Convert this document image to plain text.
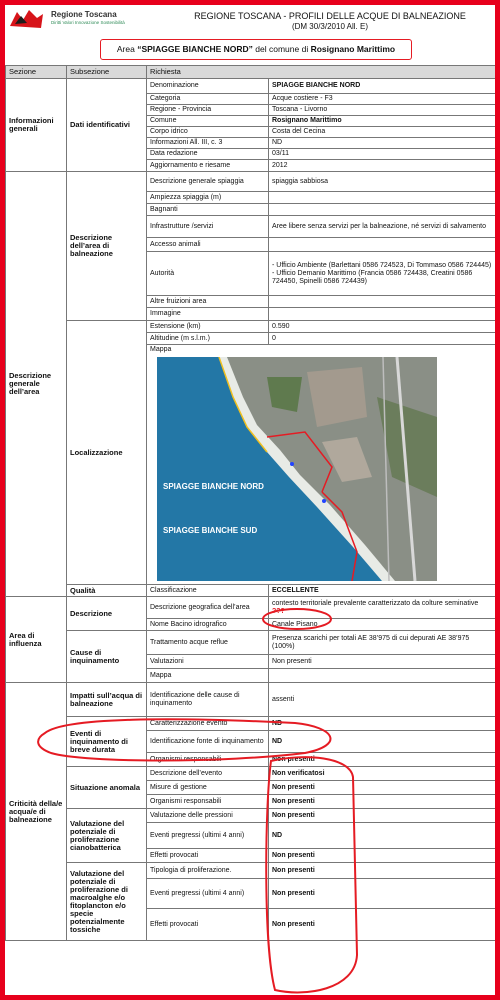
Regione Toscana
Diritti Valori Innovazione Sostenibilità
REGIONE TOSCANA - PROFILI DELLE ACQUE DI BALNEAZIONE
(DM 30/3/2010 All. E)
Area “SPIAGGE BIANCHE NORD” del comune di Rosignano Marittimo
Sezione	Subsezione	Richiesta	
Informazioni generali	Dati identificativi	Denominazione	SPIAGGE BIANCHE NORD
		Categoria	Acque costiere - F3
		Regione - Provincia	Toscana - Livorno
		Comune	Rosignano Marittimo
		Corpo idrico	Costa del Cecina
		Informazioni All. III, c. 3	ND
		Data redazione	03/11
		Aggiornamento e riesame	2012
Descrizione generale dell’area	Descrizione dell’area di balneazione	Descrizione generale spiaggia	spiaggia sabbiosa
		Ampiezza spiaggia (m)	
		Bagnanti	
		Infrastrutture /servizi	Aree libere senza servizi per la balneazione, né servizi di salvamento
		Accesso animali	
		Autorità	- Ufficio Ambiente (Barlettani 0586 724523, Di Tommaso 0586 724445)
- Ufficio Demanio Marittimo (Francia 0586 724438, Creatini 0586 724450, Spinelli 0586 724439)

		Altre fruizioni area	
		Immagine	
	Localizzazione	Estensione (km)	0.590
		Altitudine (m s.l.m.)	0

		Mappa
SPIAGGE BIANCHE NORD
SPIAGGE BIANCHE SUD	

	Qualità	Classificazione	ECCELLENTE
Area di influenza	Descrizione	Descrizione geografica dell’area	contesto territoriale prevalente caratterizzato da colture seminative ???
		Nome Bacino idrografico	Canale Pisano
	Cause di inquinamento	Trattamento acque reflue	Presenza scarichi per totali AE 38’975 di cui depurati AE 38’975 (100%)
		Valutazioni	Non presenti
		Mappa	
Criticità della/e acqua/e di balneazione	Impatti sull’acqua di balneazione	Identificazione delle cause di inquinamento	assenti
	Eventi di inquinamento di breve durata	Caratterizzazione evento	ND
		Identificazione fonte di inquinamento	ND
		Organismi responsabili	Non presenti
	Situazione anomala	Descrizione dell’evento	Non verificatosi
		Misure di gestione	Non presenti
		Organismi responsabili	Non presenti
	Valutazione del potenziale di proliferazione cianobatterica	Valutazione delle pressioni	Non presenti
		Eventi pregressi (ultimi 4 anni)	ND
		Effetti provocati	Non presenti
	Valutazione del potenziale di proliferazione di macroalghe e/o fitoplancton e/o specie potenzialmente tossiche	Tipologia di proliferazione.	Non presenti
		Eventi pregressi (ultimi 4 anni)	Non presenti
		Effetti provocati	Non presenti
